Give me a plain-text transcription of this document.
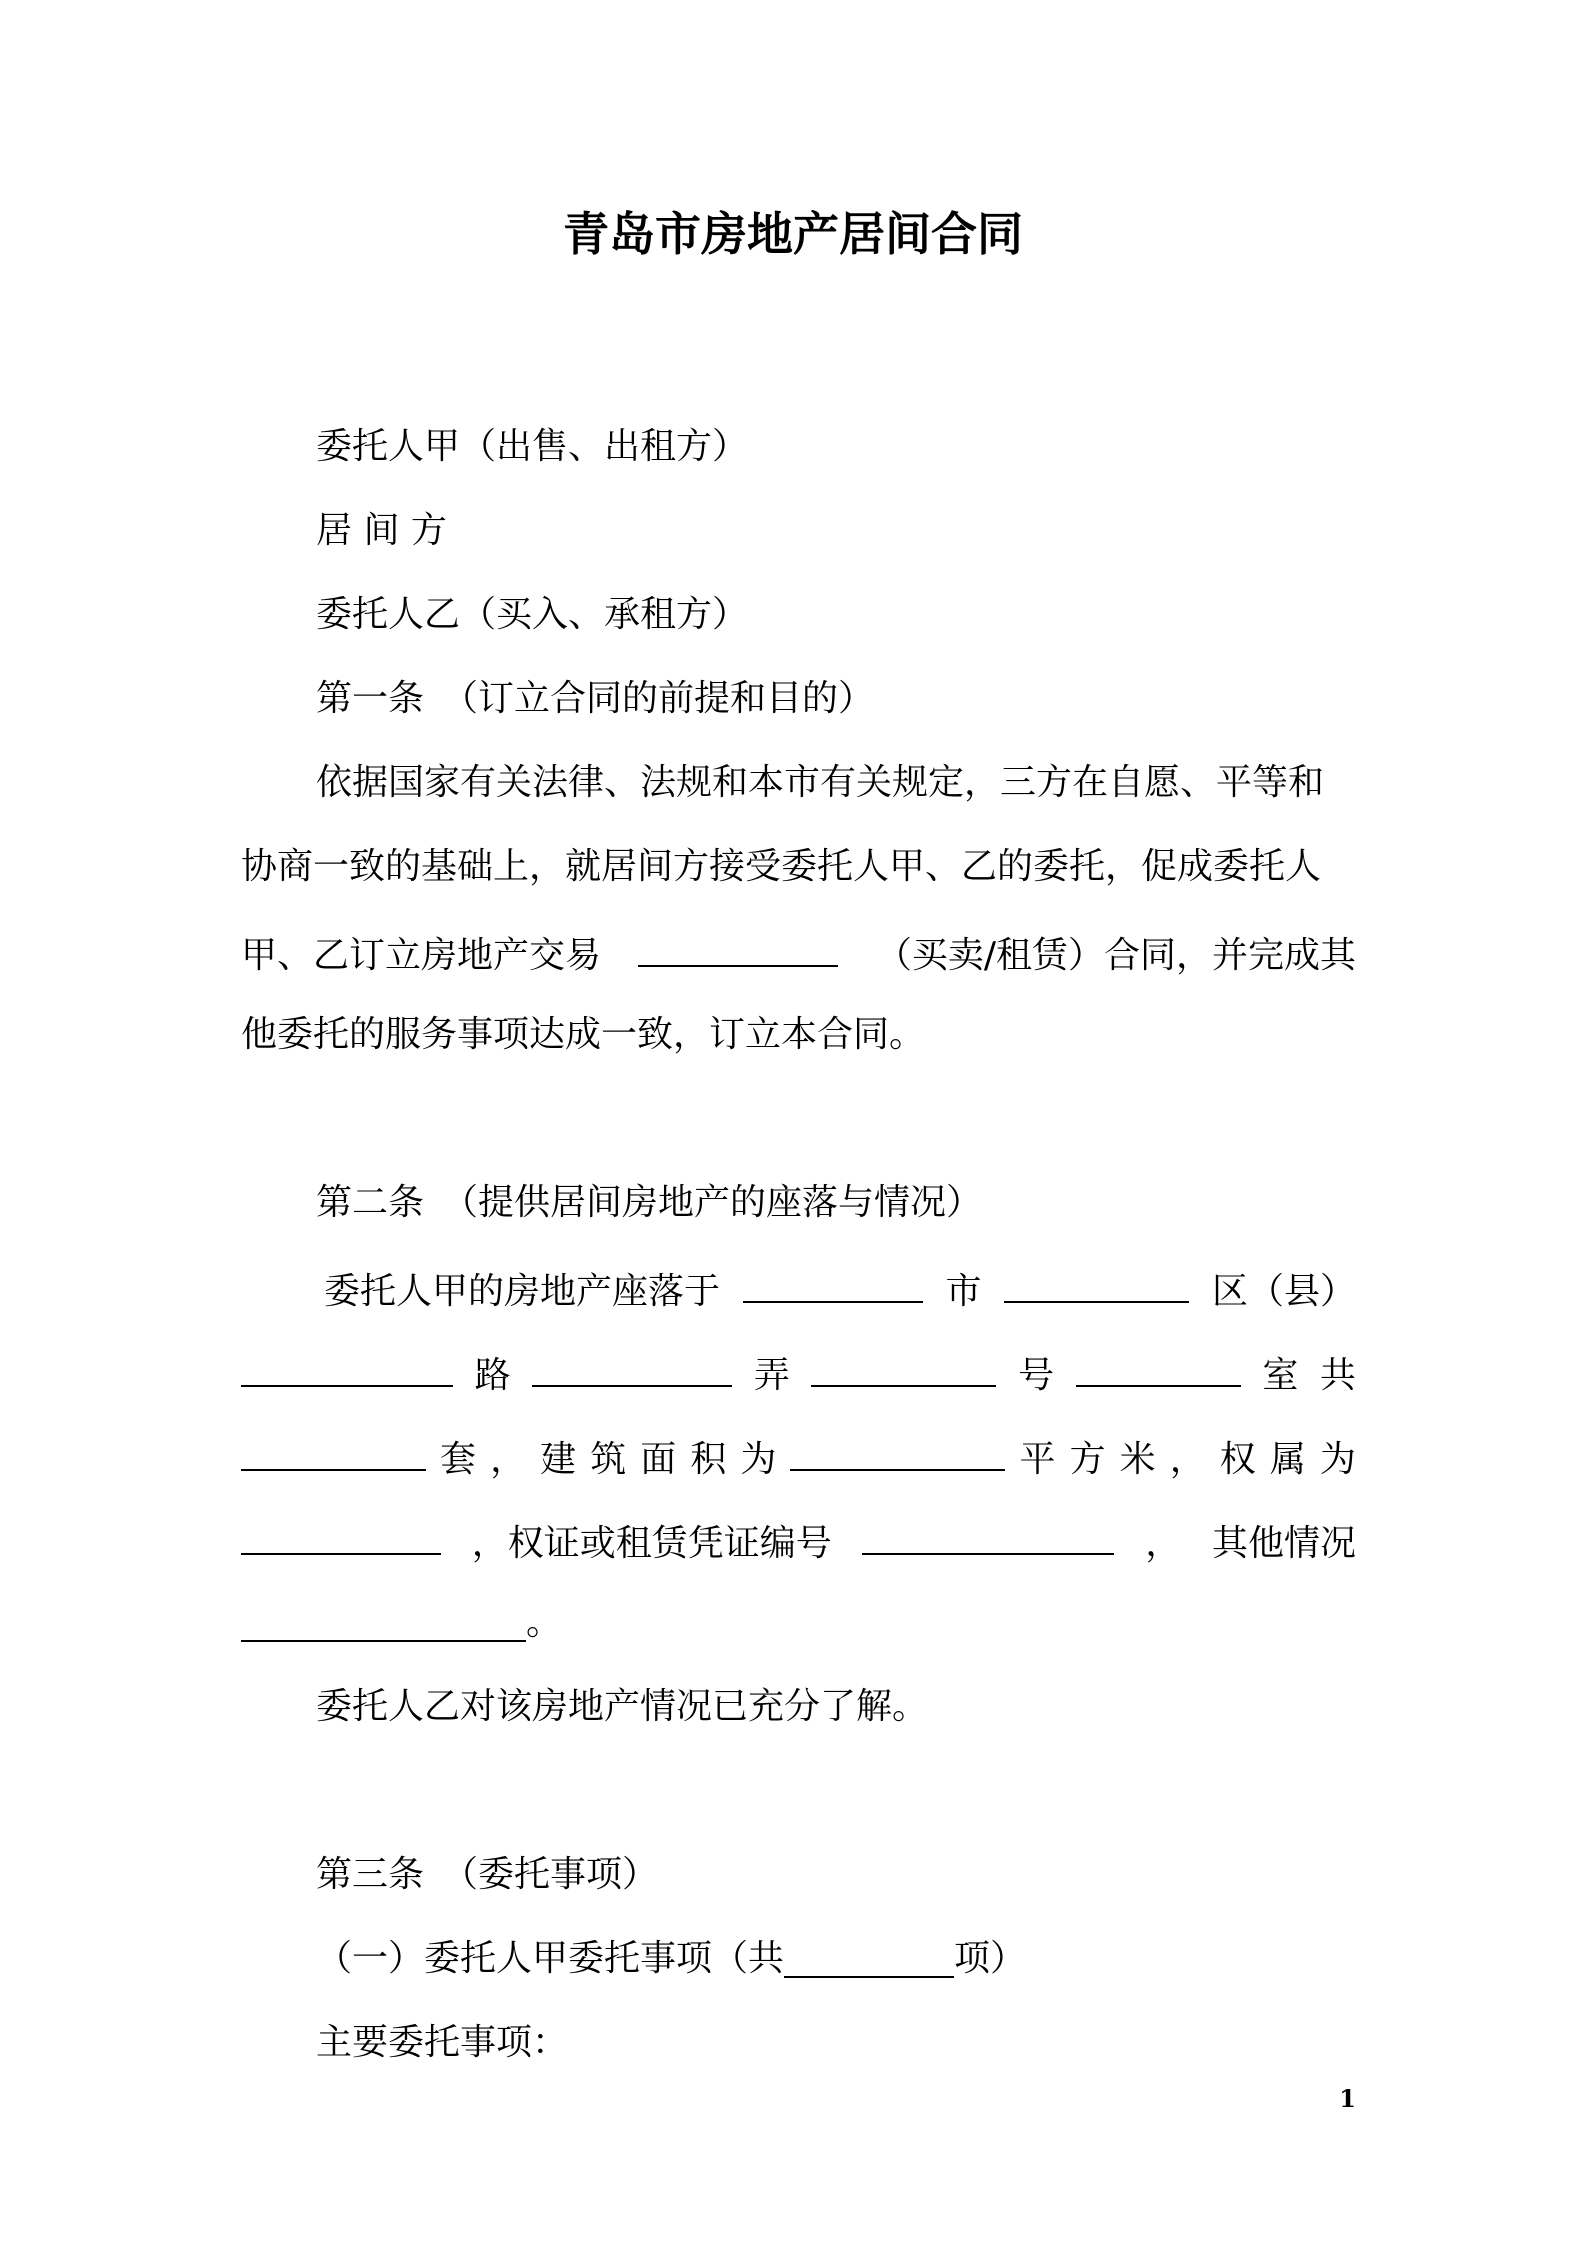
青岛市房地产居间合同
委托人甲（出售、出租方）
居 间 方
委托人乙（买入、承租方）
第一条　（订立合同的前提和目的）
依据国家有关法律、法规和本市有关规定，三方在自愿、平等和
协商一致的基础上，就居间方接受委托人甲、乙的委托，促成委托人
甲、乙订立房地产交易	（买卖/租赁）合同，并完成其
他委托的服务事项达成一致，订立本合同。
第二条　（提供居间房地产的座落与情况）
委托人甲的房地产座落于	市	区（县）
路	弄	号	室 共
套 ， 建 筑 面 积 为	平 方 米 ， 权 属 为
，权证或租赁凭证编号	， 其他情况
。
委托人乙对该房地产情况已充分了解。
第三条　（委托事项）
（一）委托人甲委托事项（共	项）
主要委托事项：
1
